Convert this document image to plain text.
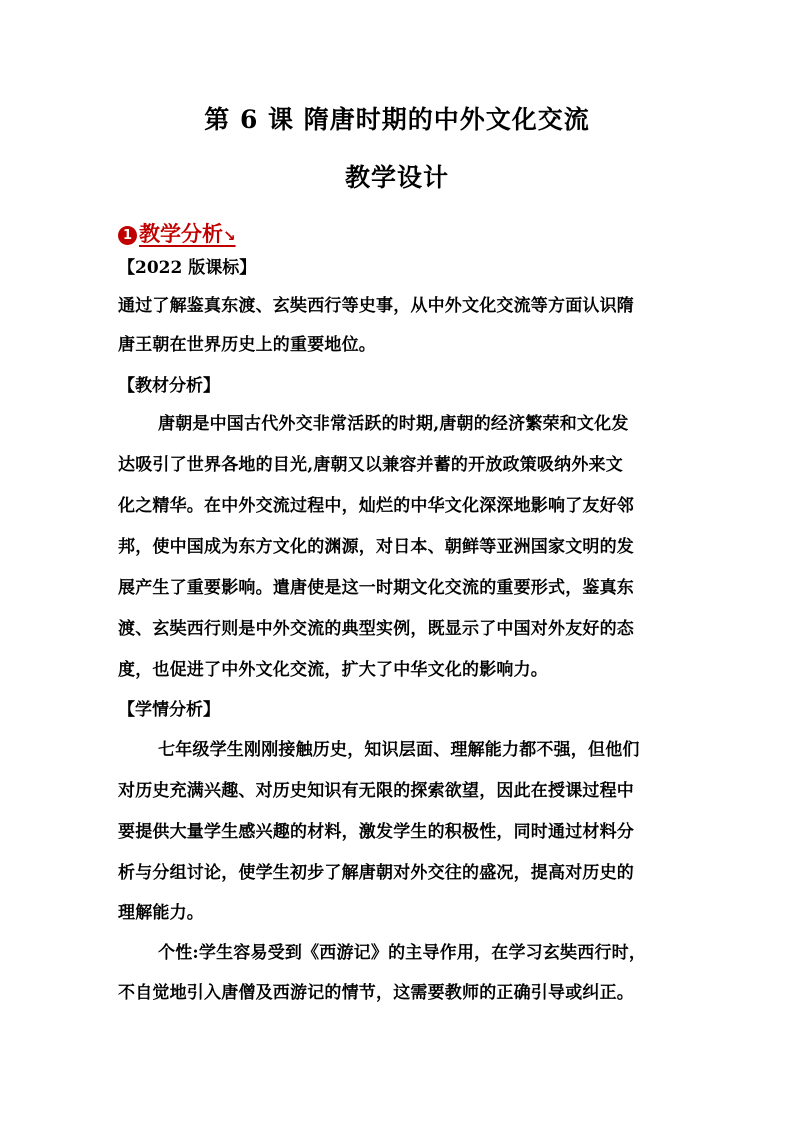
第 6 课 隋唐时期的中外文化交流
教学设计
1 教学分析↘
【2022 版课标】
通过了解鉴真东渡、玄奘西行等史事，从中外文化交流等方面认识隋
唐王朝在世界历史上的重要地位。
【教材分析】
唐朝是中国古代外交非常活跃的时期,唐朝的经济繁荣和文化发
达吸引了世界各地的目光,唐朝又以兼容并蓄的开放政策吸纳外来文
化之精华。在中外交流过程中，灿烂的中华文化深深地影响了友好邻
邦，使中国成为东方文化的渊源，对日本、朝鲜等亚洲国家文明的发
展产生了重要影响。遣唐使是这一时期文化交流的重要形式，鉴真东
渡、玄奘西行则是中外交流的典型实例，既显示了中国对外友好的态
度，也促进了中外文化交流，扩大了中华文化的影响力。
【学情分析】
七年级学生刚刚接触历史，知识层面、理解能力都不强，但他们
对历史充满兴趣、对历史知识有无限的探索欲望，因此在授课过程中
要提供大量学生感兴趣的材料，激发学生的积极性，同时通过材料分
析与分组讨论，使学生初步了解唐朝对外交往的盛况，提高对历史的
理解能力。
个性:学生容易受到《西游记》的主导作用，在学习玄奘西行时，
不自觉地引入唐僧及西游记的情节，这需要教师的正确引导或纠正。
